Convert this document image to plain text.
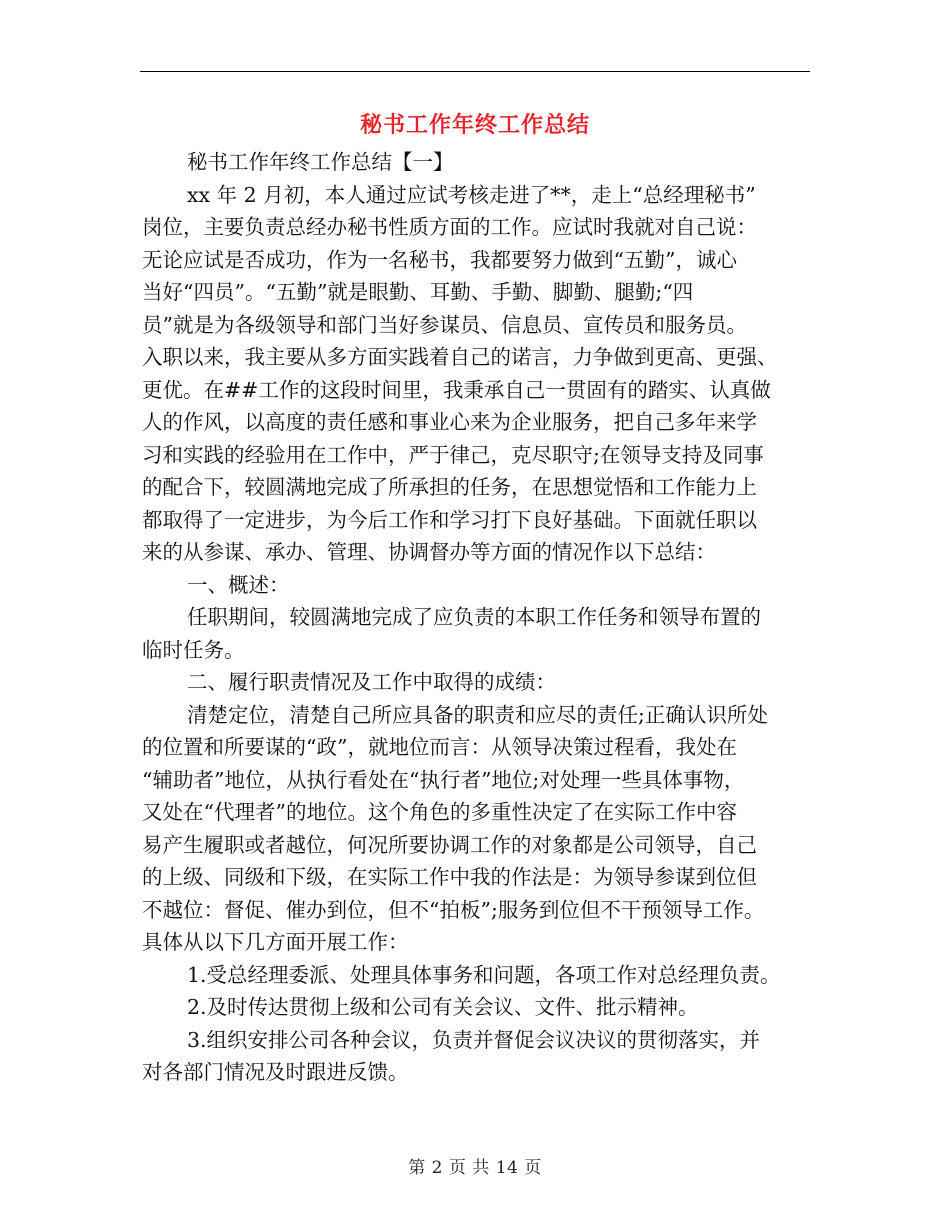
秘书工作年终工作总结

秘书工作年终工作总结【一】

xx 年 2 月初，本人通过应试考核走进了**，走上“总经理秘书”

岗位，主要负责总经办秘书性质方面的工作。应试时我就对自己说：

无论应试是否成功，作为一名秘书，我都要努力做到“五勤”，诚心

当好“四员”。“五勤”就是眼勤、耳勤、手勤、脚勤、腿勤;“四

员”就是为各级领导和部门当好参谋员、信息员、宣传员和服务员。

入职以来，我主要从多方面实践着自己的诺言，力争做到更高、更强、

更优。在##工作的这段时间里，我秉承自己一贯固有的踏实、认真做

人的作风，以高度的责任感和事业心来为企业服务，把自己多年来学

习和实践的经验用在工作中，严于律己，克尽职守;在领导支持及同事

的配合下，较圆满地完成了所承担的任务，在思想觉悟和工作能力上

都取得了一定进步，为今后工作和学习打下良好基础。下面就任职以

来的从参谋、承办、管理、协调督办等方面的情况作以下总结：

一、概述：

任职期间，较圆满地完成了应负责的本职工作任务和领导布置的

临时任务。

二、履行职责情况及工作中取得的成绩：

清楚定位，清楚自己所应具备的职责和应尽的责任;正确认识所处

的位置和所要谋的“政”，就地位而言：从领导决策过程看，我处在

“辅助者”地位，从执行看处在“执行者”地位;对处理一些具体事物，

又处在“代理者”的地位。这个角色的多重性决定了在实际工作中容

易产生履职或者越位，何况所要协调工作的对象都是公司领导，自己

的上级、同级和下级，在实际工作中我的作法是：为领导参谋到位但

不越位：督促、催办到位，但不“拍板”;服务到位但不干预领导工作。

具体从以下几方面开展工作：

1.受总经理委派、处理具体事务和问题，各项工作对总经理负责。

2.及时传达贯彻上级和公司有关会议、文件、批示精神。

3.组织安排公司各种会议，负责并督促会议决议的贯彻落实，并

对各部门情况及时跟进反馈。

第 2 页 共 14 页
